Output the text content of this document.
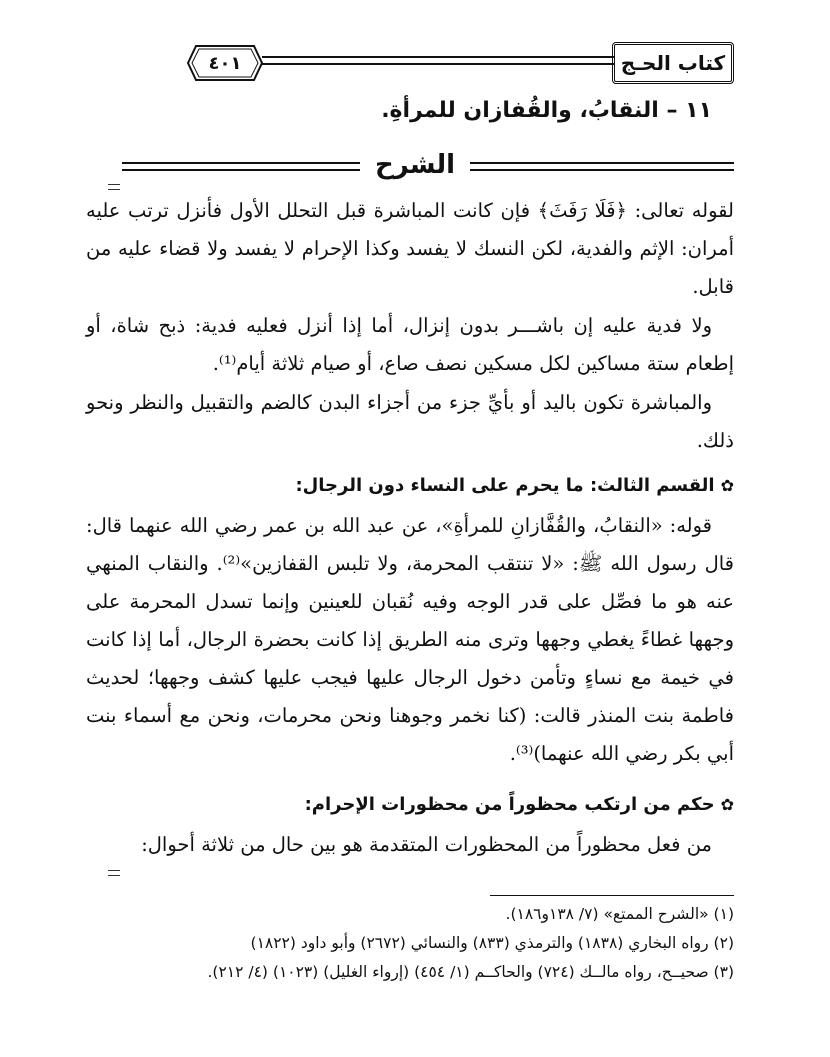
كتاب الحـج
٤٠١
١١ – النقابُ، والقُفازان للمرأةِ.
الشرح
لقوله تعالى: ﴿فَلَا رَفَثَ﴾ فإن كانت المباشرة قبل التحلل الأول فأنزل ترتب عليه أمران: الإثم والفدية، لكن النسك لا يفسد وكذا الإحرام لا يفسد ولا قضاء عليه من قابل.
ولا فدية عليه إن باشـــر بدون إنزال، أما إذا أنزل فعليه فدية: ذبح شاة، أو إطعام ستة مساكين لكل مسكين نصف صاع، أو صيام ثلاثة أيام⁽¹⁾.
والمباشرة تكون باليد أو بأيِّ جزء من أجزاء البدن كالضم والتقبيل والنظر ونحو ذلك.
✿القسم الثالث: ما يحرم على النساء دون الرجال:
قوله: «النقابُ، والقُفَّازانِ للمرأةِ»، عن عبد الله بن عمر رضي الله عنهما قال: قال رسول الله ﷺ: «لا تنتقب المحرمة، ولا تلبس القفازين»⁽²⁾. والنقاب المنهي عنه هو ما فصِّل على قدر الوجه وفيه نُقبان للعينين وإنما تسدل المحرمة على وجهها غطاءً يغطي وجهها وترى منه الطريق إذا كانت بحضرة الرجال، أما إذا كانت في خيمة مع نساءٍ وتأمن دخول الرجال عليها فيجب عليها كشف وجهها؛ لحديث فاطمة بنت المنذر قالت: (كنا نخمر وجوهنا ونحن محرمات، ونحن مع أسماء بنت أبي بكر رضي الله عنهما)⁽³⁾.
✿حكم من ارتكب محظوراً من محظورات الإحرام:
من فعل محظوراً من المحظورات المتقدمة هو بين حال من ثلاثة أحوال:
(١) «الشرح الممتع» (٧/ ١٣٨و١٨٦).
(٢) رواه البخاري (١٨٣٨) والترمذي (٨٣٣) والنسائي (٢٦٧٢) وأبو داود (١٨٢٢)
(٣) صحيــح، رواه مالــك (٧٢٤) والحاكــم (١/ ٤٥٤) (إرواء الغليل) (١٠٢٣) (٤/ ٢١٢).
